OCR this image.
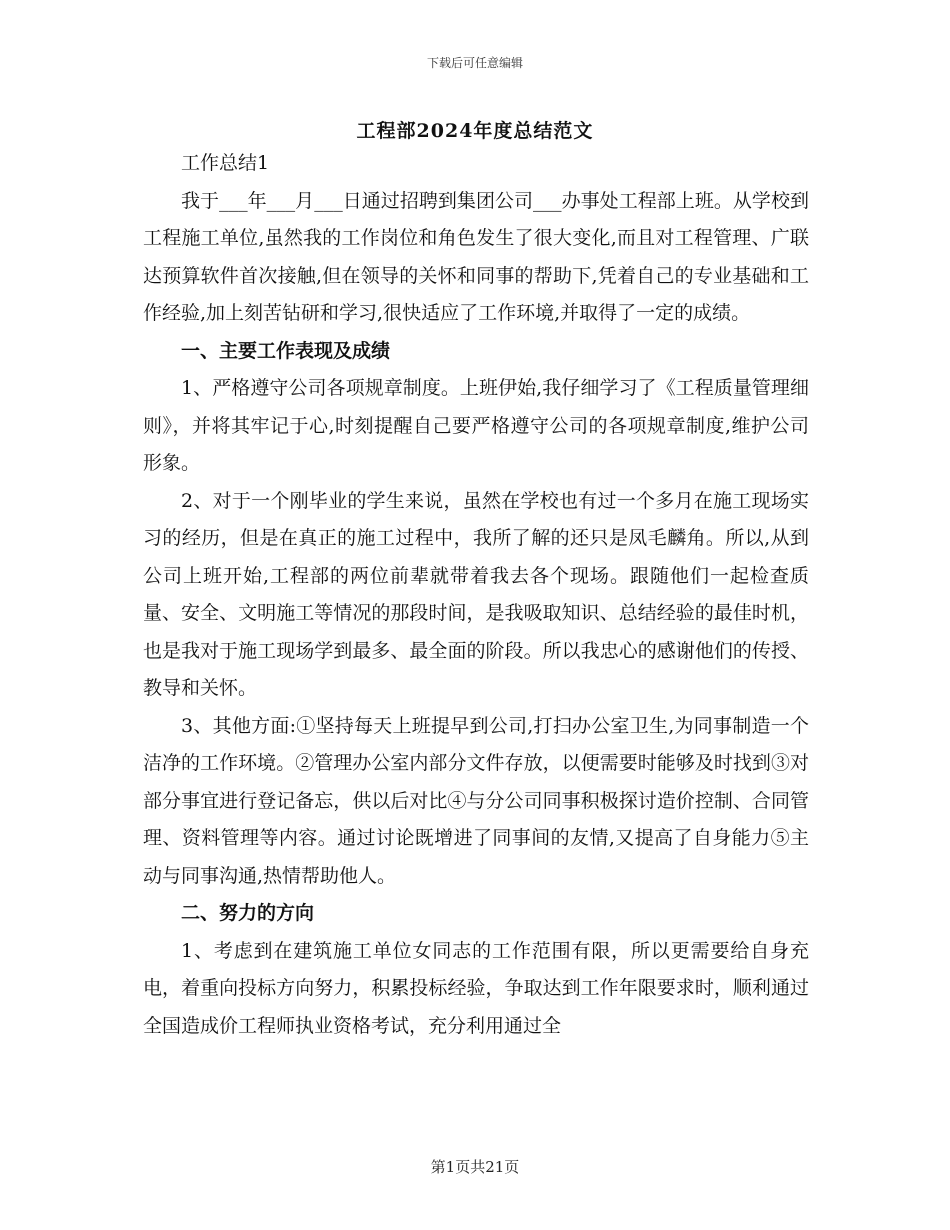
下载后可任意编辑
工程部2024年度总结范文

工作总结1

我于___年___月___日通过招聘到集团公司___办事处工程部上班。从学校到工程施工单位,虽然我的工作岗位和角色发生了很大变化,而且对工程管理、广联达预算软件首次接触,但在领导的关怀和同事的帮助下,凭着自己的专业基础和工作经验,加上刻苦钻研和学习,很快适应了工作环境,并取得了一定的成绩。

一、主要工作表现及成绩

1、严格遵守公司各项规章制度。上班伊始,我仔细学习了《工程质量管理细则》，并将其牢记于心,时刻提醒自己要严格遵守公司的各项规章制度,维护公司形象。

2、对于一个刚毕业的学生来说，虽然在学校也有过一个多月在施工现场实习的经历，但是在真正的施工过程中，我所了解的还只是凤毛麟角。所以,从到公司上班开始,工程部的两位前辈就带着我去各个现场。跟随他们一起检查质量、安全、文明施工等情况的那段时间，是我吸取知识、总结经验的最佳时机，也是我对于施工现场学到最多、最全面的阶段。所以我忠心的感谢他们的传授、教导和关怀。

3、其他方面:①坚持每天上班提早到公司,打扫办公室卫生,为同事制造一个洁净的工作环境。②管理办公室内部分文件存放，以便需要时能够及时找到③对部分事宜进行登记备忘，供以后对比④与分公司同事积极探讨造价控制、合同管理、资料管理等内容。通过讨论既增进了同事间的友情,又提高了自身能力⑤主动与同事沟通,热情帮助他人。

二、努力的方向

1、考虑到在建筑施工单位女同志的工作范围有限，所以更需要给自身充电，着重向投标方向努力，积累投标经验，争取达到工作年限要求时，顺利通过全国造成价工程师执业资格考试，充分利用通过全

第1页共21页
